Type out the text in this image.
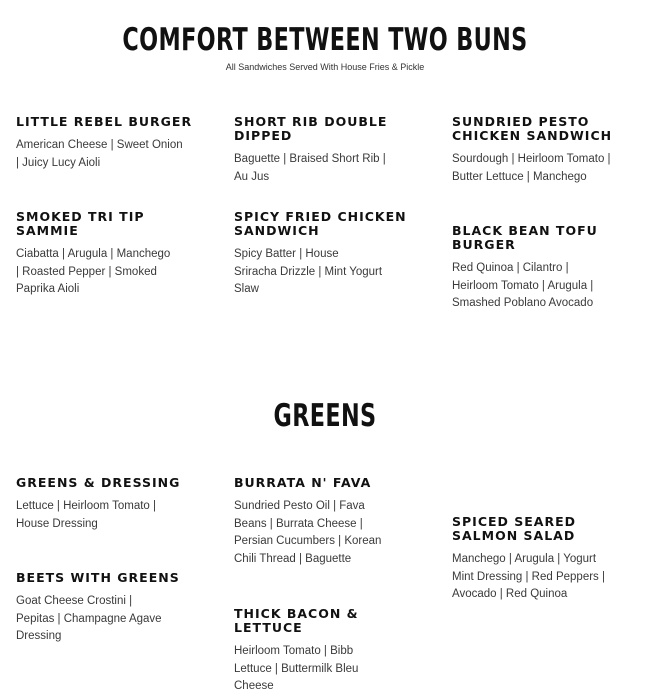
COMFORT BETWEEN TWO BUNS
All Sandwiches Served With House Fries & Pickle

LITTLE REBEL BURGER

American Cheese | Sweet Onion | Juicy Lucy Aioli

SHORT RIB DOUBLE DIPPED

Baguette | Braised Short Rib | Au Jus

SUNDRIED PESTO CHICKEN SANDWICH

Sourdough | Heirloom Tomato | Butter Lettuce | Manchego

SMOKED TRI TIP SAMMIE

Ciabatta | Arugula | Manchego | Roasted Pepper | Smoked Paprika Aioli

SPICY FRIED CHICKEN SANDWICH

Spicy Batter | House Sriracha Drizzle | Mint Yogurt Slaw

BLACK BEAN TOFU BURGER

Red Quinoa | Cilantro | Heirloom Tomato | Arugula | Smashed Poblano Avocado

GREENS

GREENS & DRESSING

Lettuce | Heirloom Tomato | House Dressing

BURRATA N' FAVA

Sundried Pesto Oil | Fava Beans | Burrata Cheese | Persian Cucumbers | Korean Chili Thread | Baguette

SPICED SEARED SALMON SALAD

Manchego | Arugula | Yogurt Mint Dressing | Red Peppers | Avocado | Red Quinoa

BEETS WITH GREENS

Goat Cheese Crostini | Pepitas | Champagne Agave Dressing

THICK BACON & LETTUCE

Heirloom Tomato | Bibb Lettuce | Buttermilk Bleu Cheese
